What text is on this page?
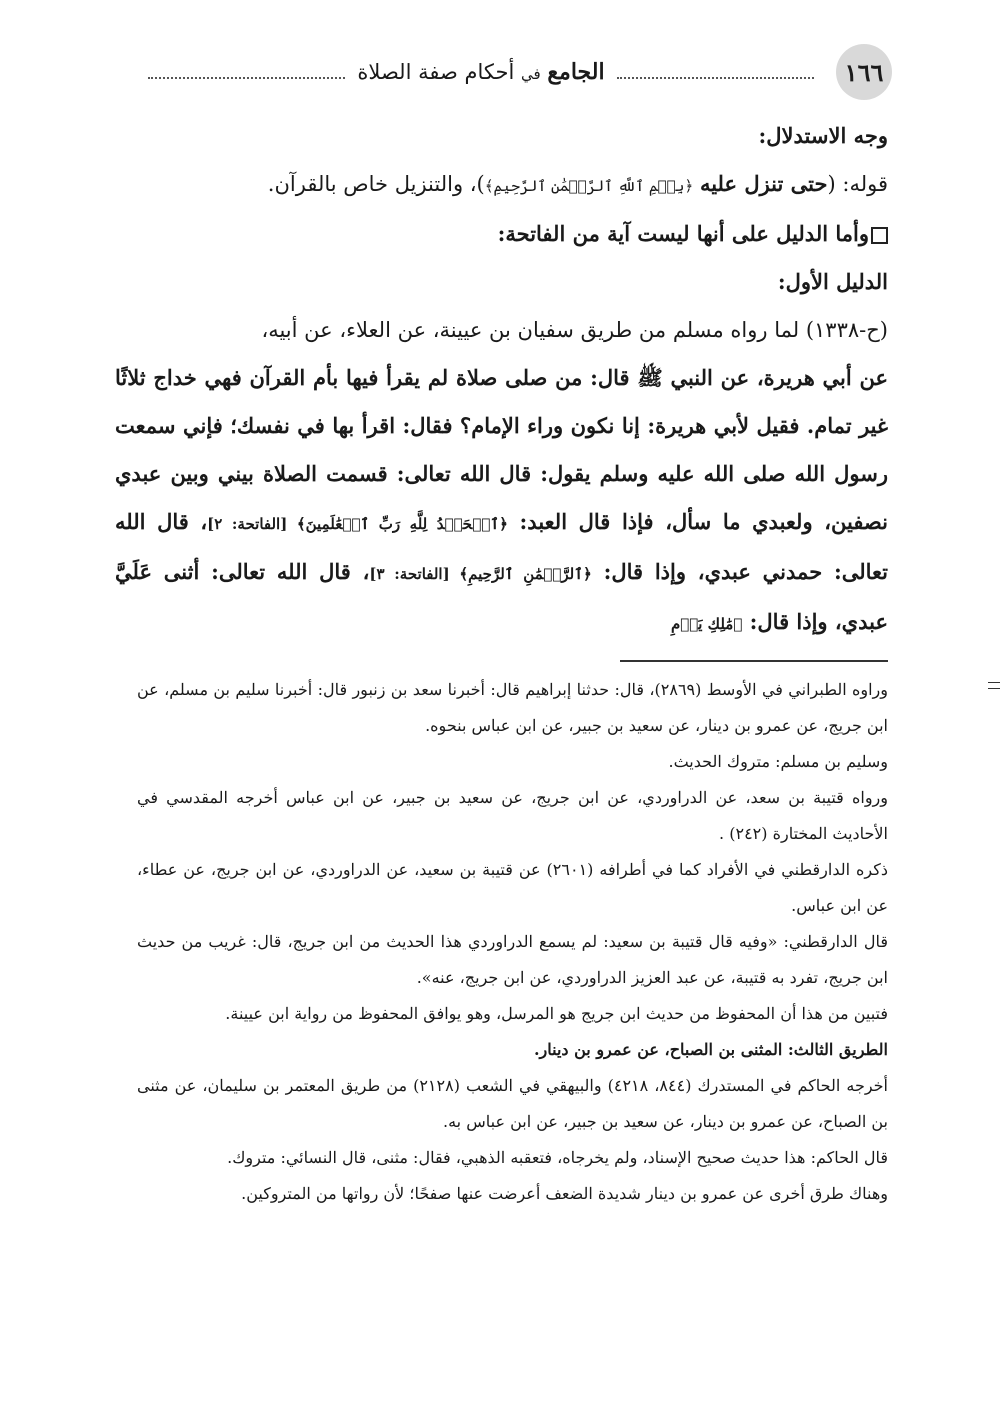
١٦٦
الجامع في أحكام صفة الصلاة

وجه الاستدلال:

قوله: (حتى تنزل عليه ﴿بِسۡمِ ٱللَّهِ ٱلرَّحۡمَٰنِ ٱلرَّحِيمِ﴾)، والتنزيل خاص بالقرآن.

وأما الدليل على أنها ليست آية من الفاتحة:

الدليل الأول:

(ح-١٣٣٨) لما رواه مسلم من طريق سفيان بن عيينة، عن العلاء، عن أبيه،

عن أبي هريرة، عن النبي ﷺ قال: من صلى صلاة لم يقرأ فيها بأم القرآن فهي خداج ثلاثًا غير تمام. فقيل لأبي هريرة: إنا نكون وراء الإمام؟ فقال: اقرأ بها في نفسك؛ فإني سمعت رسول الله صلى الله عليه وسلم يقول: قال الله تعالى: قسمت الصلاة بيني وبين عبدي نصفين، ولعبدي ما سأل، فإذا قال العبد: ﴿ٱلۡحَمۡدُ لِلَّهِ رَبِّ ٱلۡعَٰلَمِينَ﴾ [الفاتحة: ٢]، قال الله تعالى: حمدني عبدي، وإذا قال: ﴿ٱلرَّحۡمَٰنِ ٱلرَّحِيمِ﴾ [الفاتحة: ٣]، قال الله تعالى: أثنى عَلَيَّ عبدي، وإذا قال: ﴿مَٰلِكِ يَوۡمِ

وراوه الطبراني في الأوسط (٢٨٦٩)، قال: حدثنا إبراهيم قال: أخبرنا سعد بن زنبور قال: أخبرنا سليم بن مسلم، عن ابن جريج، عن عمرو بن دينار، عن سعيد بن جبير، عن ابن عباس بنحوه.

وسليم بن مسلم: متروك الحديث.

ورواه قتيبة بن سعد، عن الدراوردي، عن ابن جريج، عن سعيد بن جبير، عن ابن عباس أخرجه المقدسي في الأحاديث المختارة (٢٤٢) .

ذكره الدارقطني في الأفراد كما في أطرافه (٢٦٠١) عن قتيبة بن سعيد، عن الدراوردي، عن ابن جريج، عن عطاء، عن ابن عباس.

قال الدارقطني: «وفيه قال قتيبة بن سعيد: لم يسمع الدراوردي هذا الحديث من ابن جريج، قال: غريب من حديث ابن جريج، تفرد به قتيبة، عن عبد العزيز الدراوردي، عن ابن جريج، عنه».

فتبين من هذا أن المحفوظ من حديث ابن جريج هو المرسل، وهو يوافق المحفوظ من رواية ابن عيينة.

الطريق الثالث: المثنى بن الصباح، عن عمرو بن دينار.

أخرجه الحاكم في المستدرك (٨٤٤، ٤٢١٨) والبيهقي في الشعب (٢١٢٨) من طريق المعتمر بن سليمان، عن مثنى بن الصباح، عن عمرو بن دينار، عن سعيد بن جبير، عن ابن عباس به.

قال الحاكم: هذا حديث صحيح الإسناد، ولم يخرجاه، فتعقبه الذهبي، فقال: مثنى، قال النسائي: متروك.

وهناك طرق أخرى عن عمرو بن دينار شديدة الضعف أعرضت عنها صفحًا؛ لأن رواتها من المتروكين.
